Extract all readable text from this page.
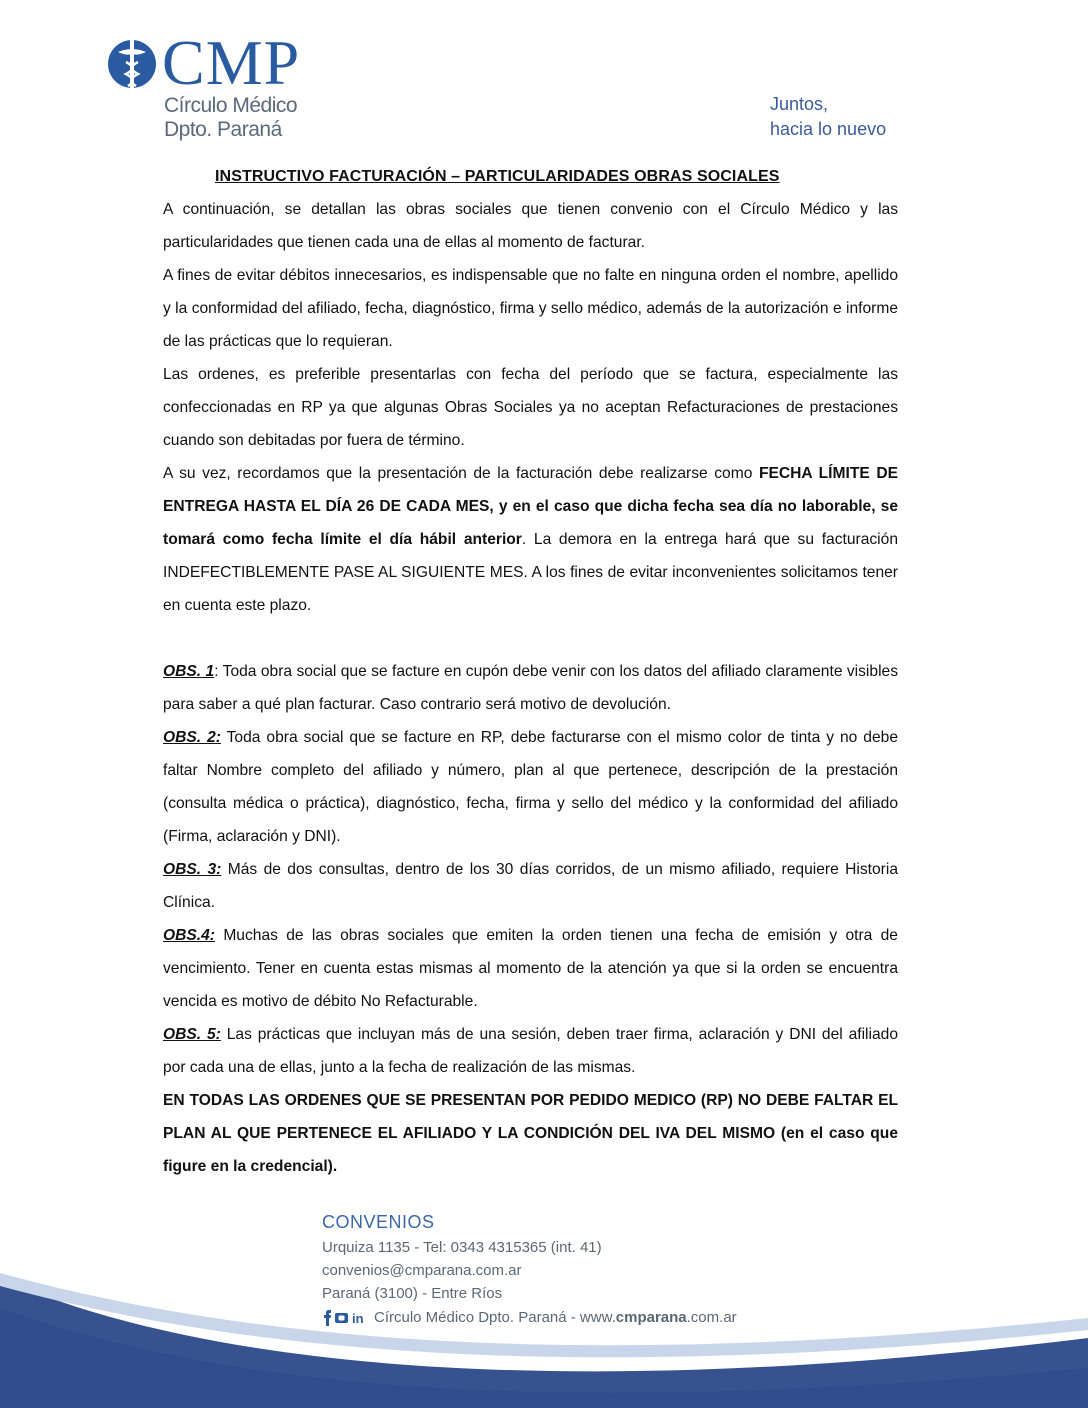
CMP
Círculo Médico
Dpto. Paraná
Juntos,
hacia lo nuevo
INSTRUCTIVO FACTURACIÓN – PARTICULARIDADES OBRAS SOCIALES

A continuación, se detallan las obras sociales que tienen convenio con el Círculo Médico y las particularidades que tienen cada una de ellas al momento de facturar.

A fines de evitar débitos innecesarios, es indispensable que no falte en ninguna orden el nombre, apellido y la conformidad del afiliado, fecha, diagnóstico, firma y sello médico, además de la autorización e informe de las prácticas que lo requieran.

Las ordenes, es preferible presentarlas con fecha del período que se factura, especialmente las confeccionadas en RP ya que algunas Obras Sociales ya no aceptan Refacturaciones de prestaciones cuando son debitadas por fuera de término.

A su vez, recordamos que la presentación de la facturación debe realizarse como FECHA LÍMITE DE ENTREGA HASTA EL DÍA 26 DE CADA MES, y en el caso que dicha fecha sea día no laborable, se tomará como fecha límite el día hábil anterior. La demora en la entrega hará que su facturación INDEFECTIBLEMENTE PASE AL SIGUIENTE MES. A los fines de evitar inconvenientes solicitamos tener en cuenta este plazo.

OBS. 1: Toda obra social que se facture en cupón debe venir con los datos del afiliado claramente visibles para saber a qué plan facturar. Caso contrario será motivo de devolución.

OBS. 2: Toda obra social que se facture en RP, debe facturarse con el mismo color de tinta y no debe faltar Nombre completo del afiliado y número, plan al que pertenece, descripción de la prestación (consulta médica o práctica), diagnóstico, fecha, firma y sello del médico y la conformidad del afiliado (Firma, aclaración y DNI).

OBS. 3: Más de dos consultas, dentro de los 30 días corridos, de un mismo afiliado, requiere Historia Clínica.

OBS.4: Muchas de las obras sociales que emiten la orden tienen una fecha de emisión y otra de vencimiento. Tener en cuenta estas mismas al momento de la atención ya que si la orden se encuentra vencida es motivo de débito No Refacturable.

OBS. 5: Las prácticas que incluyan más de una sesión, deben traer firma, aclaración y DNI del afiliado por cada una de ellas, junto a la fecha de realización de las mismas.

EN TODAS LAS ORDENES QUE SE PRESENTAN POR PEDIDO MEDICO (RP) NO DEBE FALTAR EL PLAN AL QUE PERTENECE EL AFILIADO Y LA CONDICIÓN DEL IVA DEL MISMO (en el caso que figure en la credencial).

CONVENIOS
Urquiza 1135 - Tel: 0343 4315365 (int. 41)
convenios@cmparana.com.ar
Paraná (3100) - Entre Ríos
in Círculo Médico Dpto. Paraná - www.cmparana.com.ar
